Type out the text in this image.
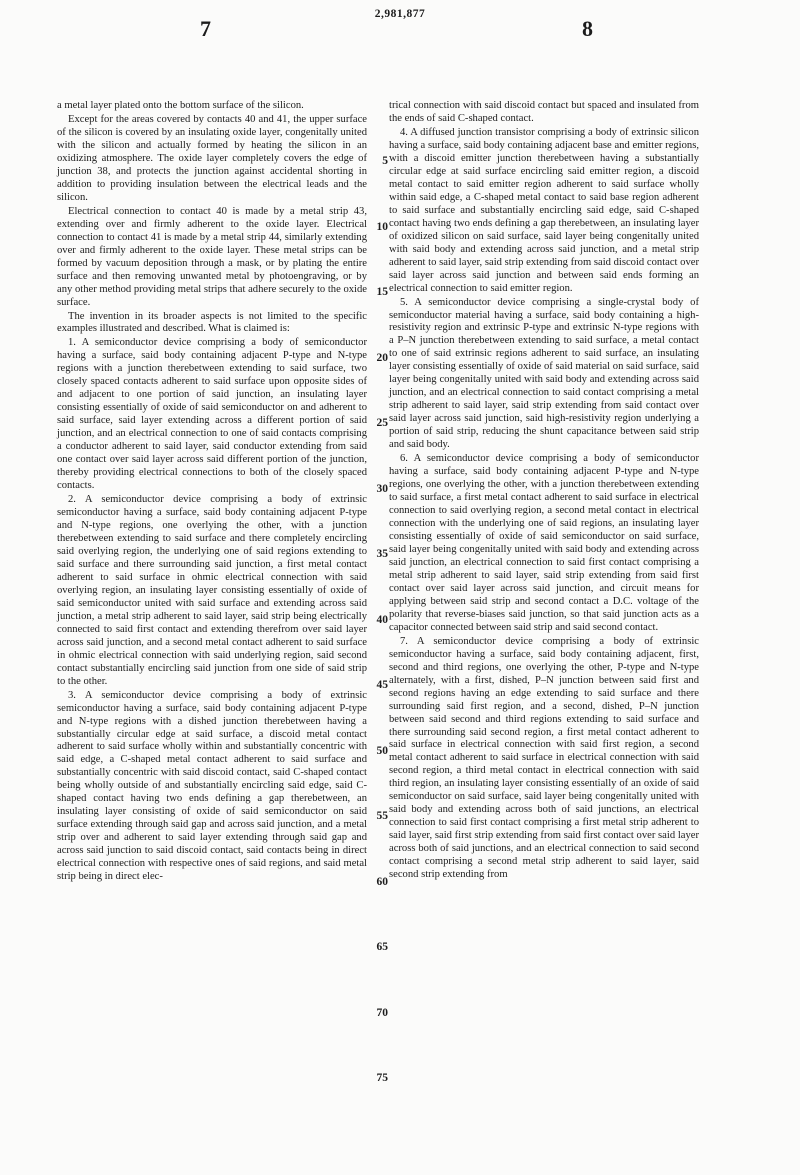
2,981,877
7	8

a metal layer plated onto the bottom surface of the silicon.

Except for the areas covered by contacts 40 and 41, the upper surface of the silicon is covered by an insulating oxide layer, congenitally united with the silicon and actually formed by heating the silicon in an oxidizing atmosphere. The oxide layer completely covers the edge of junction 38, and protects the junction against accidental shorting in addition to providing insulation between the electrical leads and the silicon.

Electrical connection to contact 40 is made by a metal strip 43, extending over and firmly adherent to the oxide layer. Electrical connection to contact 41 is made by a metal strip 44, similarly extending over and firmly adherent to the oxide layer. These metal strips can be formed by vacuum deposition through a mask, or by plating the entire surface and then removing unwanted metal by photoengraving, or by any other method providing metal strips that adhere securely to the oxide surface.

The invention in its broader aspects is not limited to the specific examples illustrated and described. What is claimed is:

1. A semiconductor device comprising a body of semiconductor having a surface, said body containing adjacent P-type and N-type regions with a junction therebetween extending to said surface, two closely spaced contacts adherent to said surface upon opposite sides of and adjacent to one portion of said junction, an insulating layer consisting essentially of oxide of said semiconductor on and adherent to said surface, said layer extending across a different portion of said junction, and an electrical connection to one of said contacts comprising a conductor adherent to said layer, said conductor extending from said one contact over said layer across said different portion of the junction, thereby providing electrical connections to both of the closely spaced contacts.

2. A semiconductor device comprising a body of extrinsic semiconductor having a surface, said body containing adjacent P-type and N-type regions, one overlying the other, with a junction therebetween extending to said surface and there completely encircling said overlying region, the underlying one of said regions extending to said surface and there surrounding said junction, a first metal contact adherent to said surface in ohmic electrical connection with said overlying region, an insulating layer consisting essentially of oxide of said semiconductor united with said surface and extending across said junction, a metal strip adherent to said layer, said strip being electrically connected to said first contact and extending therefrom over said layer across said junction, and a second metal contact adherent to said surface in ohmic electrical connection with said underlying region, said second contact substantially encircling said junction from one side of said strip to the other.

3. A semiconductor device comprising a body of extrinsic semiconductor having a surface, said body containing adjacent P-type and N-type regions with a dished junction therebetween having a substantially circular edge at said surface, a discoid metal contact adherent to said surface wholly within and substantially concentric with said edge, a C-shaped metal contact adherent to said surface and substantially concentric with said discoid contact, said C-shaped contact being wholly outside of and substantially encircling said edge, said C-shaped contact having two ends defining a gap therebetween, an insulating layer consisting of oxide of said semiconductor on said surface extending through said gap and across said junction, and a metal strip over and adherent to said layer extending through said gap and across said junction to said discoid contact, said contacts being in direct electrical connection with respective ones of said regions, and said metal strip being in direct elec-

trical connection with said discoid contact but spaced and insulated from the ends of said C-shaped contact.

4. A diffused junction transistor comprising a body of extrinsic silicon having a surface, said body containing adjacent base and emitter regions, with a discoid emitter junction therebetween having a substantially circular edge at said surface encircling said emitter region, a discoid metal contact to said emitter region adherent to said surface wholly within said edge, a C-shaped metal contact to said base region adherent to said surface and substantially encircling said edge, said C-shaped contact having two ends defining a gap therebetween, an insulating layer of oxidized silicon on said surface, said layer being congenitally united with said body and extending across said junction, and a metal strip adherent to said layer, said strip extending from said discoid contact over said layer across said junction and between said ends forming an electrical connection to said emitter region.

5. A semiconductor device comprising a single-crystal body of semiconductor material having a surface, said body containing a high-resistivity region and extrinsic P-type and extrinsic N-type regions with a P–N junction therebetween extending to said surface, a metal contact to one of said extrinsic regions adherent to said surface, an insulating layer consisting essentially of oxide of said material on said surface, said layer being congenitally united with said body and extending across said junction, and an electrical connection to said contact comprising a metal strip adherent to said layer, said strip extending from said contact over said layer across said junction, said high-resistivity region underlying a portion of said strip, reducing the shunt capacitance between said strip and said body.

6. A semiconductor device comprising a body of semiconductor having a surface, said body containing adjacent P-type and N-type regions, one overlying the other, with a junction therebetween extending to said surface, a first metal contact adherent to said surface in electrical connection to said overlying region, a second metal contact in electrical connection with the underlying one of said regions, an insulating layer consisting essentially of oxide of said semiconductor on said surface, said layer being congenitally united with said body and extending across said junction, an electrical connection to said first contact comprising a metal strip adherent to said layer, said strip extending from said first contact over said layer across said junction, and circuit means for applying between said strip and second contact a D.C. voltage of the polarity that reverse-biases said junction, so that said junction acts as a capacitor connected between said strip and said second contact.

7. A semiconductor device comprising a body of extrinsic semiconductor having a surface, said body containing adjacent, first, second and third regions, one overlying the other, P-type and N-type alternately, with a first, dished, P–N junction between said first and second regions having an edge extending to said surface and there surrounding said first region, and a second, dished, P–N junction between said second and third regions extending to said surface and there surrounding said second region, a first metal contact adherent to said surface in electrical connection with said first region, a second metal contact adherent to said surface in electrical connection with said second region, a third metal contact in electrical connection with said third region, an insulating layer consisting essentially of an oxide of said semiconductor on said surface, said layer being congenitally united with said body and extending across both of said junctions, an electrical connection to said first contact comprising a first metal strip adherent to said layer, said first strip extending from said first contact over said layer across both of said junctions, and an electrical connection to said second contact comprising a second metal strip adherent to said layer, said second strip extending from

5
10
15
20
25
30
35
40
45
50
55
60
65
70
75
